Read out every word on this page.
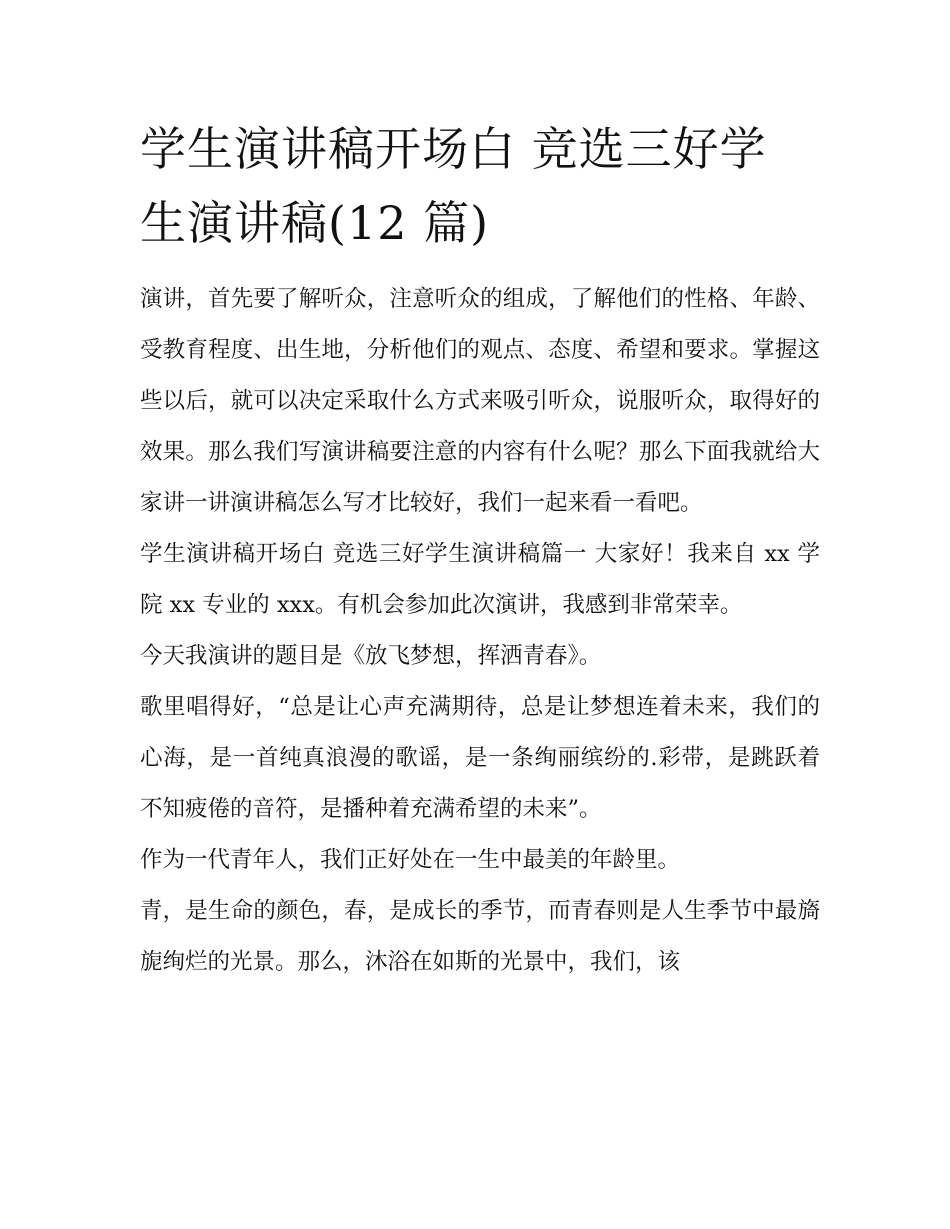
学生演讲稿开场白 竞选三好学
生演讲稿(12 篇)

演讲，首先要了解听众，注意听众的组成，了解他们的性格、年龄、受教育程度、出生地，分析他们的观点、态度、希望和要求。掌握这些以后，就可以决定采取什么方式来吸引听众，说服听众，取得好的效果。那么我们写演讲稿要注意的内容有什么呢？那么下面我就给大家讲一讲演讲稿怎么写才比较好，我们一起来看一看吧。

学生演讲稿开场白 竞选三好学生演讲稿篇一 大家好！我来自 xx 学院 xx 专业的 xxx。有机会参加此次演讲，我感到非常荣幸。

今天我演讲的题目是《放飞梦想，挥洒青春》。

歌里唱得好，“总是让心声充满期待，总是让梦想连着未来，我们的心海，是一首纯真浪漫的歌谣，是一条绚丽缤纷的.彩带，是跳跃着不知疲倦的音符，是播种着充满希望的未来”。

作为一代青年人，我们正好处在一生中最美的年龄里。

青，是生命的颜色，春，是成长的季节，而青春则是人生季节中最旖旎绚烂的光景。那么，沐浴在如斯的光景中，我们，该
